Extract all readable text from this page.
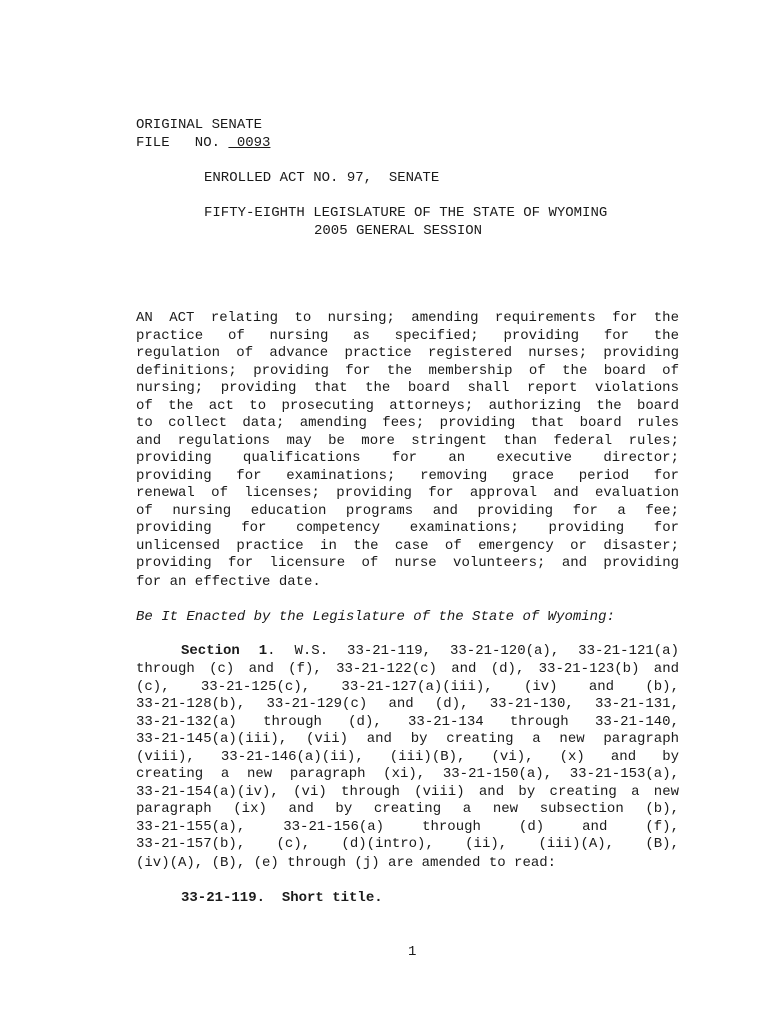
ORIGINAL SENATE
FILE   NO.  0093
ENROLLED ACT NO. 97,  SENATE
FIFTY-EIGHTH LEGISLATURE OF THE STATE OF WYOMING
2005 GENERAL SESSION
AN ACT relating to nursing; amending requirements for the
practice of nursing as specified; providing for the
regulation of advance practice registered nurses; providing
definitions; providing for the membership of the board of
nursing; providing that the board shall report violations
of the act to prosecuting attorneys; authorizing the board
to collect data; amending fees; providing that board rules
and regulations may be more stringent than federal rules;
providing qualifications for an executive director;
providing for examinations; removing grace period for
renewal of licenses; providing for approval and evaluation
of nursing education programs and providing for a fee;
providing for competency examinations; providing for
unlicensed practice in the case of emergency or disaster;
providing for licensure of nurse volunteers; and providing
for an effective date.
Be It Enacted by the Legislature of the State of Wyoming:
Section 1. W.S. 33-21-119, 33-21-120(a), 33-21-121(a)
through (c) and (f), 33-21-122(c) and (d), 33-21-123(b) and
(c), 33-21-125(c), 33-21-127(a)(iii), (iv) and (b),
33-21-128(b), 33-21-129(c) and (d), 33-21-130, 33-21-131,
33-21-132(a) through (d), 33-21-134 through 33-21-140,
33-21-145(a)(iii), (vii) and by creating a new paragraph
(viii), 33-21-146(a)(ii), (iii)(B), (vi), (x) and by
creating a new paragraph (xi), 33-21-150(a), 33-21-153(a),
33-21-154(a)(iv), (vi) through (viii) and by creating a new
paragraph (ix) and by creating a new subsection (b),
33-21-155(a), 33-21-156(a) through (d) and (f),
33-21-157(b), (c), (d)(intro), (ii), (iii)(A), (B),
(iv)(A), (B), (e) through (j) are amended to read:
33-21-119.  Short title.
1
